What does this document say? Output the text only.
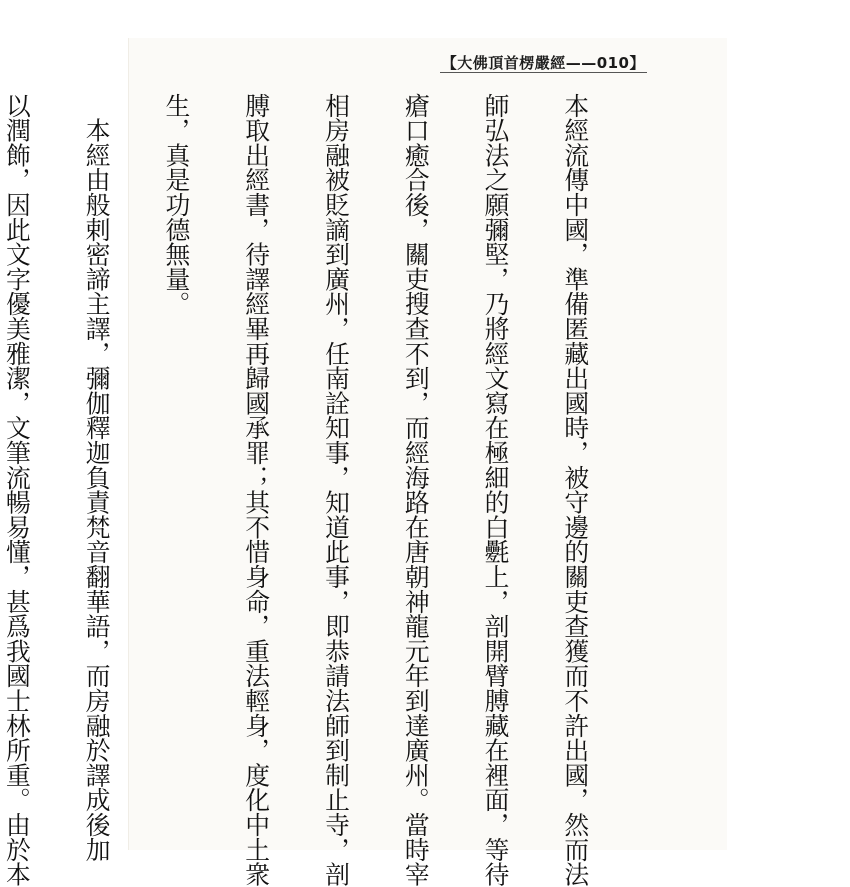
【大佛頂首楞嚴經——010】

本經流傳中國，準備匿藏出國時，被守邊的關吏查獲而不許出國，然而法

師弘法之願彌堅，乃將經文寫在極細的白氎上，剖開臂膊藏在裡面，等待

瘡口癒合後，關吏搜查不到，而經海路在唐朝神龍元年到達廣州。當時宰

相房融被貶謫到廣州，任南詮知事，知道此事，即恭請法師到制止寺，剖

膊取出經書，待譯經畢再歸國承罪；其不惜身命，重法輕身，度化中土衆

生，真是功德無量。

　本經由般剌密諦主譯，彌伽釋迦負責梵音翻華語，而房融於譯成後加

以潤飾，因此文字優美雅潔，文筆流暢易懂，甚爲我國士林所重。由於本
